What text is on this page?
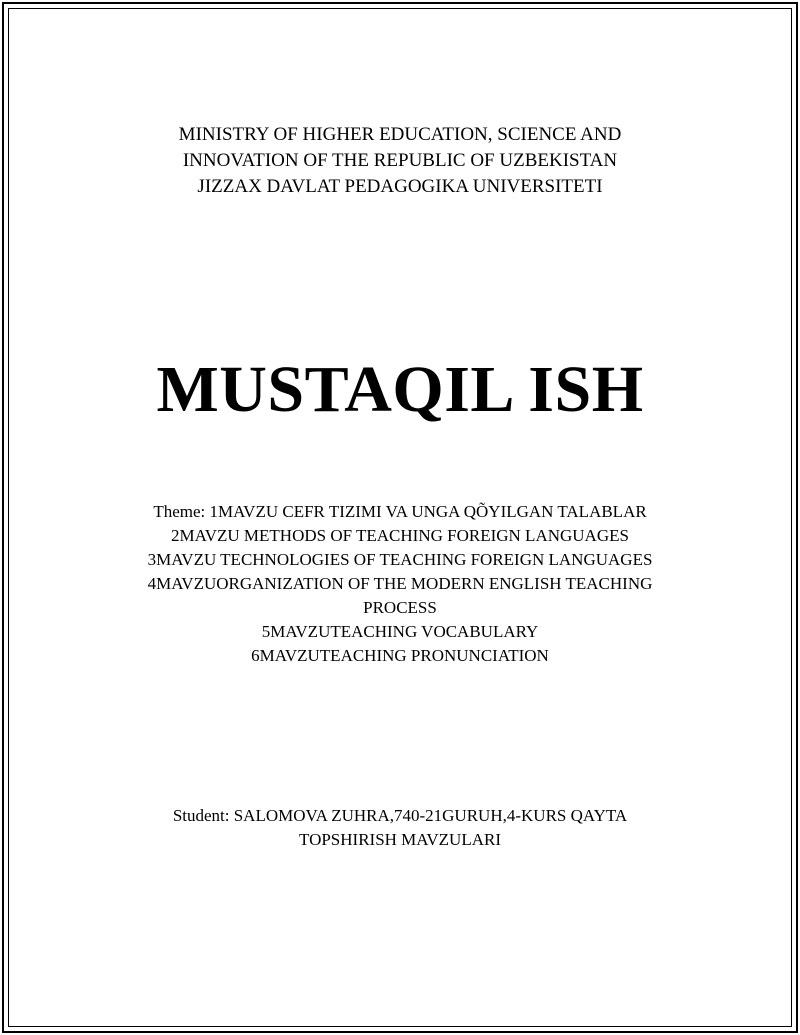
MINISTRY OF HIGHER EDUCATION, SCIENCE AND
INNOVATION OF THE REPUBLIC OF UZBEKISTAN
JIZZAX DAVLAT PEDAGOGIKA UNIVERSITETI
MUSTAQIL ISH
Theme: 1MAVZU CEFR TIZIMI VA UNGA QÕYILGAN TALABLAR
2MAVZU METHODS OF TEACHING FOREIGN LANGUAGES
3MAVZU TECHNOLOGIES OF TEACHING FOREIGN LANGUAGES
4MAVZUORGANIZATION OF THE MODERN ENGLISH TEACHING
PROCESS
5MAVZUTEACHING VOCABULARY
6MAVZUTEACHING PRONUNCIATION
Student: SALOMOVA ZUHRA,740-21GURUH,4-KURS QAYTA
TOPSHIRISH MAVZULARI
